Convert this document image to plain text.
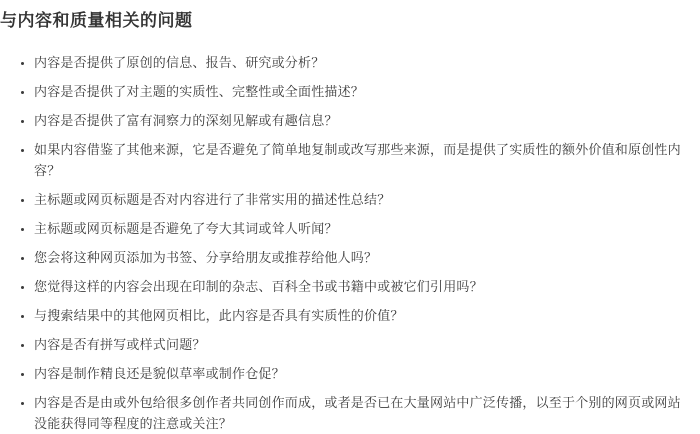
与内容和质量相关的问题
• 内容是否提供了原创的信息、报告、研究或分析？
• 内容是否提供了对主题的实质性、完整性或全面性描述？
• 内容是否提供了富有洞察力的深刻见解或有趣信息？
• 如果内容借鉴了其他来源，它是否避免了简单地复制或改写那些来源，而是提供了实质性的额外价值和原创性内容？
• 主标题或网页标题是否对内容进行了非常实用的描述性总结？
• 主标题或网页标题是否避免了夸大其词或耸人听闻？
• 您会将这种网页添加为书签、分享给朋友或推荐给他人吗？
• 您觉得这样的内容会出现在印制的杂志、百科全书或书籍中或被它们引用吗？
• 与搜索结果中的其他网页相比，此内容是否具有实质性的价值？
• 内容是否有拼写或样式问题？
• 内容是制作精良还是貌似草率或制作仓促？
• 内容是否是由或外包给很多创作者共同创作而成，或者是否已在大量网站中广泛传播，以至于个别的网页或网站没能获得同等程度的注意或关注？
